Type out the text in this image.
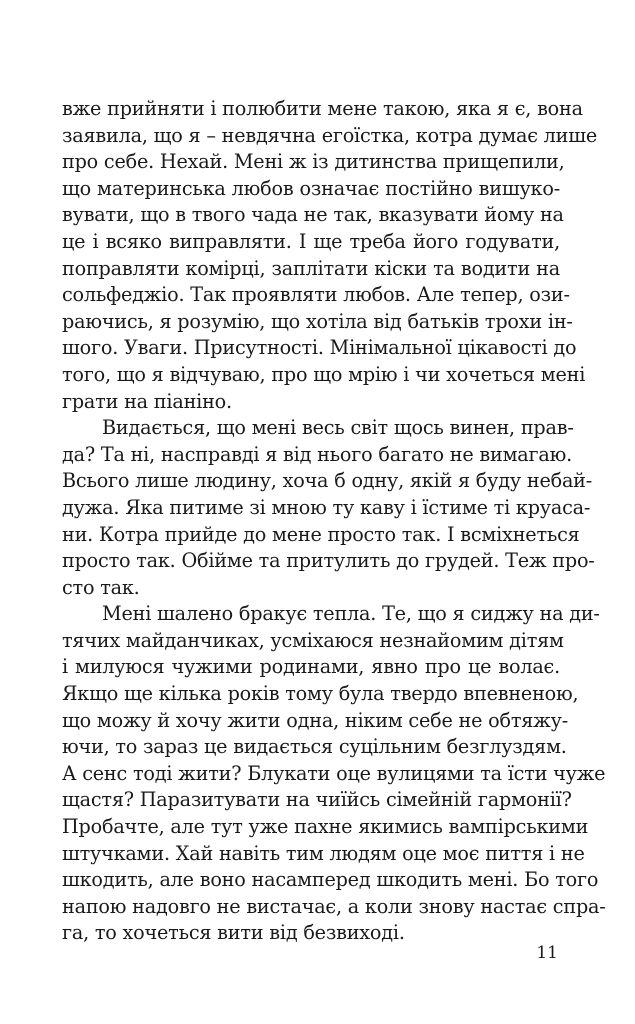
вже прийняти і полюбити мене такою, яка я є, вона
заявила, що я – невдячна егоїстка, котра думає лише
про себе. Нехай. Мені ж із дитинства прищепили,
що материнська любов означає постійно вишуко-
вувати, що в твого чада не так, вказувати йому на
це і всяко виправляти. І ще треба його годувати,
поправляти комірці, заплітати кіски та водити на
сольфеджіо. Так проявляти любов. Але тепер, ози-
раючись, я розумію, що хотіла від батьків трохи ін-
шого. Уваги. Присутності. Мінімальної цікавості до
того, що я відчуваю, про що мрію і чи хочеться мені
грати на піаніно.
Видається, що мені весь світ щось винен, прав-
да? Та ні, насправді я від нього багато не вимагаю.
Всього лише людину, хоча б одну, якій я буду небай-
дужа. Яка питиме зі мною ту каву і їстиме ті круаса-
ни. Котра прийде до мене просто так. І всміхнеться
просто так. Обійме та притулить до грудей. Теж про-
сто так.
Мені шалено бракує тепла. Те, що я сиджу на ди-
тячих майданчиках, усміхаюся незнайомим дітям
і милуюся чужими родинами, явно про це волає.
Якщо ще кілька років тому була твердо впевненою,
що можу й хочу жити одна, ніким себе не обтяжу-
ючи, то зараз це видається суцільним безглуздям.
А сенс тоді жити? Блукати оце вулицями та їсти чуже
щастя? Паразитувати на чиїйсь сімейній гармонії?
Пробачте, але тут уже пахне якимись вампірськими
штучками. Хай навіть тим людям оце моє пиття і не
шкодить, але воно насамперед шкодить мені. Бо того
напою надовго не вистачає, а коли знову настає спра-
га, то хочеться вити від безвиході.
11
